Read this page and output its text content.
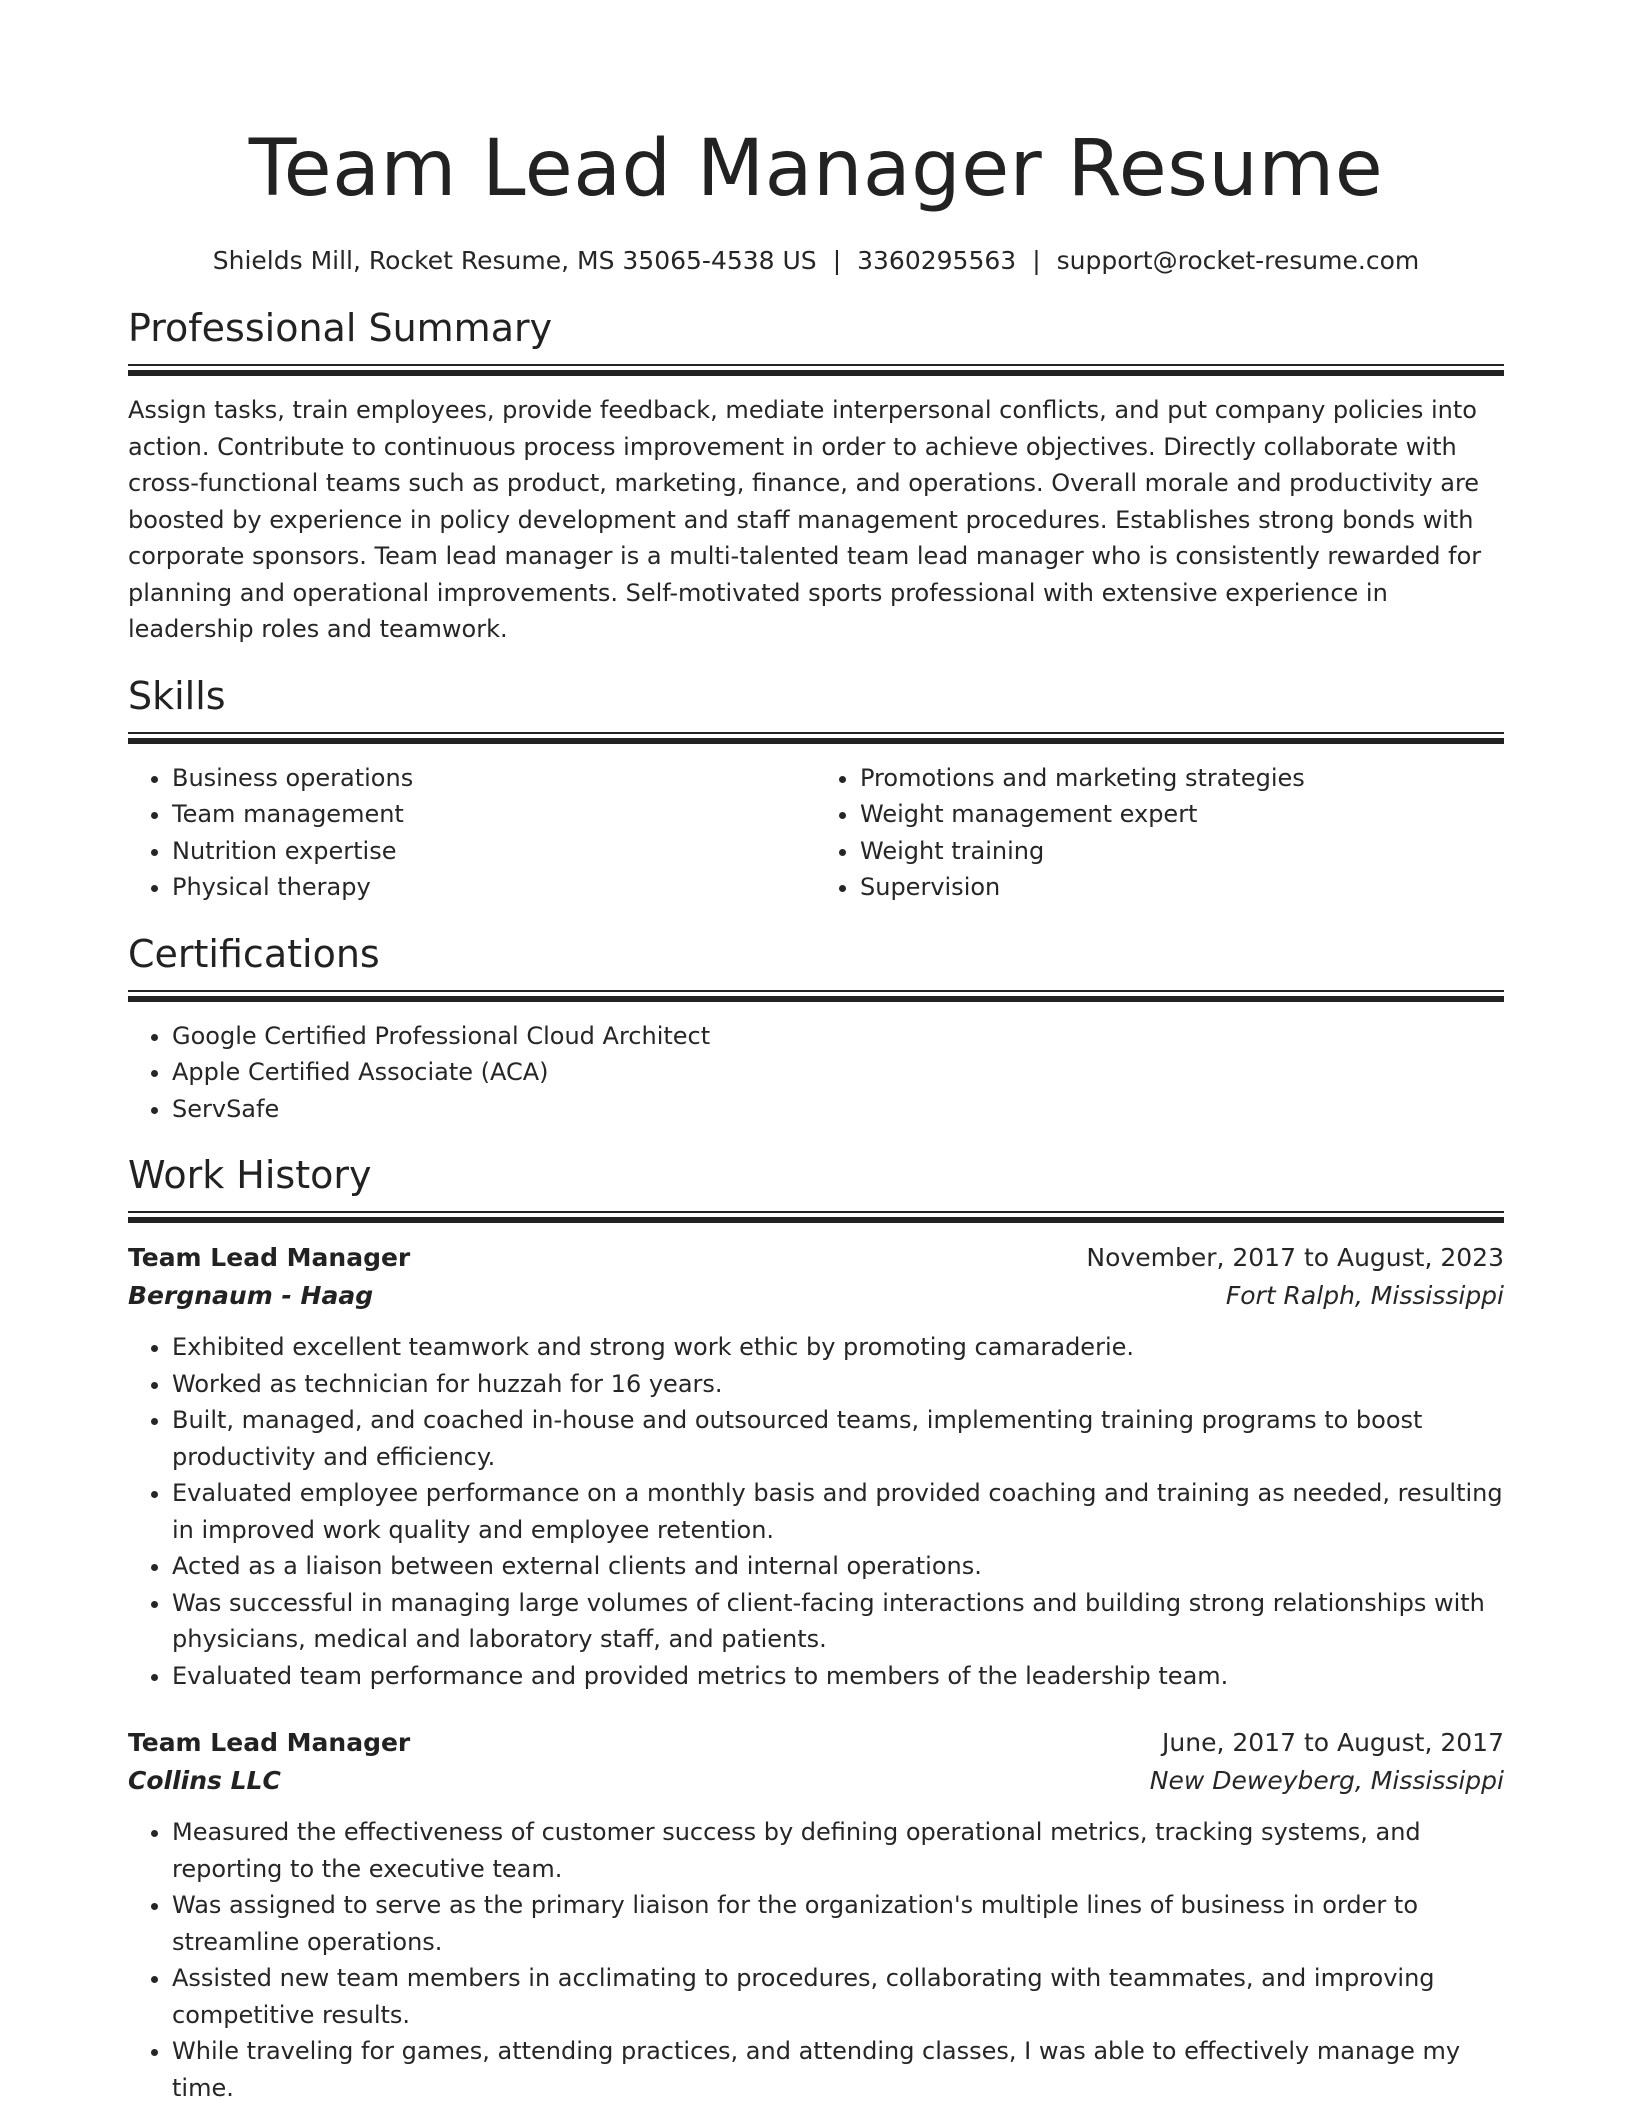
Team Lead Manager Resume
Shields Mill, Rocket Resume, MS 35065-4538 US | 3360295563 | support@rocket-resume.com
Professional Summary

Assign tasks, train employees, provide feedback, mediate interpersonal conflicts, and put company policies into action. Contribute to continuous process improvement in order to achieve objectives. Directly collaborate with cross-functional teams such as product, marketing, finance, and operations. Overall morale and productivity are boosted by experience in policy development and staff management procedures. Establishes strong bonds with corporate sponsors. Team lead manager is a multi-talented team lead manager who is consistently rewarded for planning and operational improvements. Self-motivated sports professional with extensive experience in leadership roles and teamwork.

Skills
• Business operations
• Team management
• Nutrition expertise
• Physical therapy
• Promotions and marketing strategies
• Weight management expert
• Weight training
• Supervision
Certifications
• Google Certified Professional Cloud Architect
• Apple Certified Associate (ACA)
• ServSafe
Work History
Team Lead Manager	November, 2017 to August, 2023
Bergnaum - Haag	Fort Ralph, Mississippi
• Exhibited excellent teamwork and strong work ethic by promoting camaraderie.
• Worked as technician for huzzah for 16 years.
• Built, managed, and coached in-house and outsourced teams, implementing training programs to boost productivity and efficiency.
• Evaluated employee performance on a monthly basis and provided coaching and training as needed, resulting in improved work quality and employee retention.
• Acted as a liaison between external clients and internal operations.
• Was successful in managing large volumes of client-facing interactions and building strong relationships with physicians, medical and laboratory staff, and patients.
• Evaluated team performance and provided metrics to members of the leadership team.
Team Lead Manager	June, 2017 to August, 2017
Collins LLC	New Deweyberg, Mississippi
• Measured the effectiveness of customer success by defining operational metrics, tracking systems, and reporting to the executive team.
• Was assigned to serve as the primary liaison for the organization's multiple lines of business in order to streamline operations.
• Assisted new team members in acclimating to procedures, collaborating with teammates, and improving competitive results.
• While traveling for games, attending practices, and attending classes, I was able to effectively manage my time.
